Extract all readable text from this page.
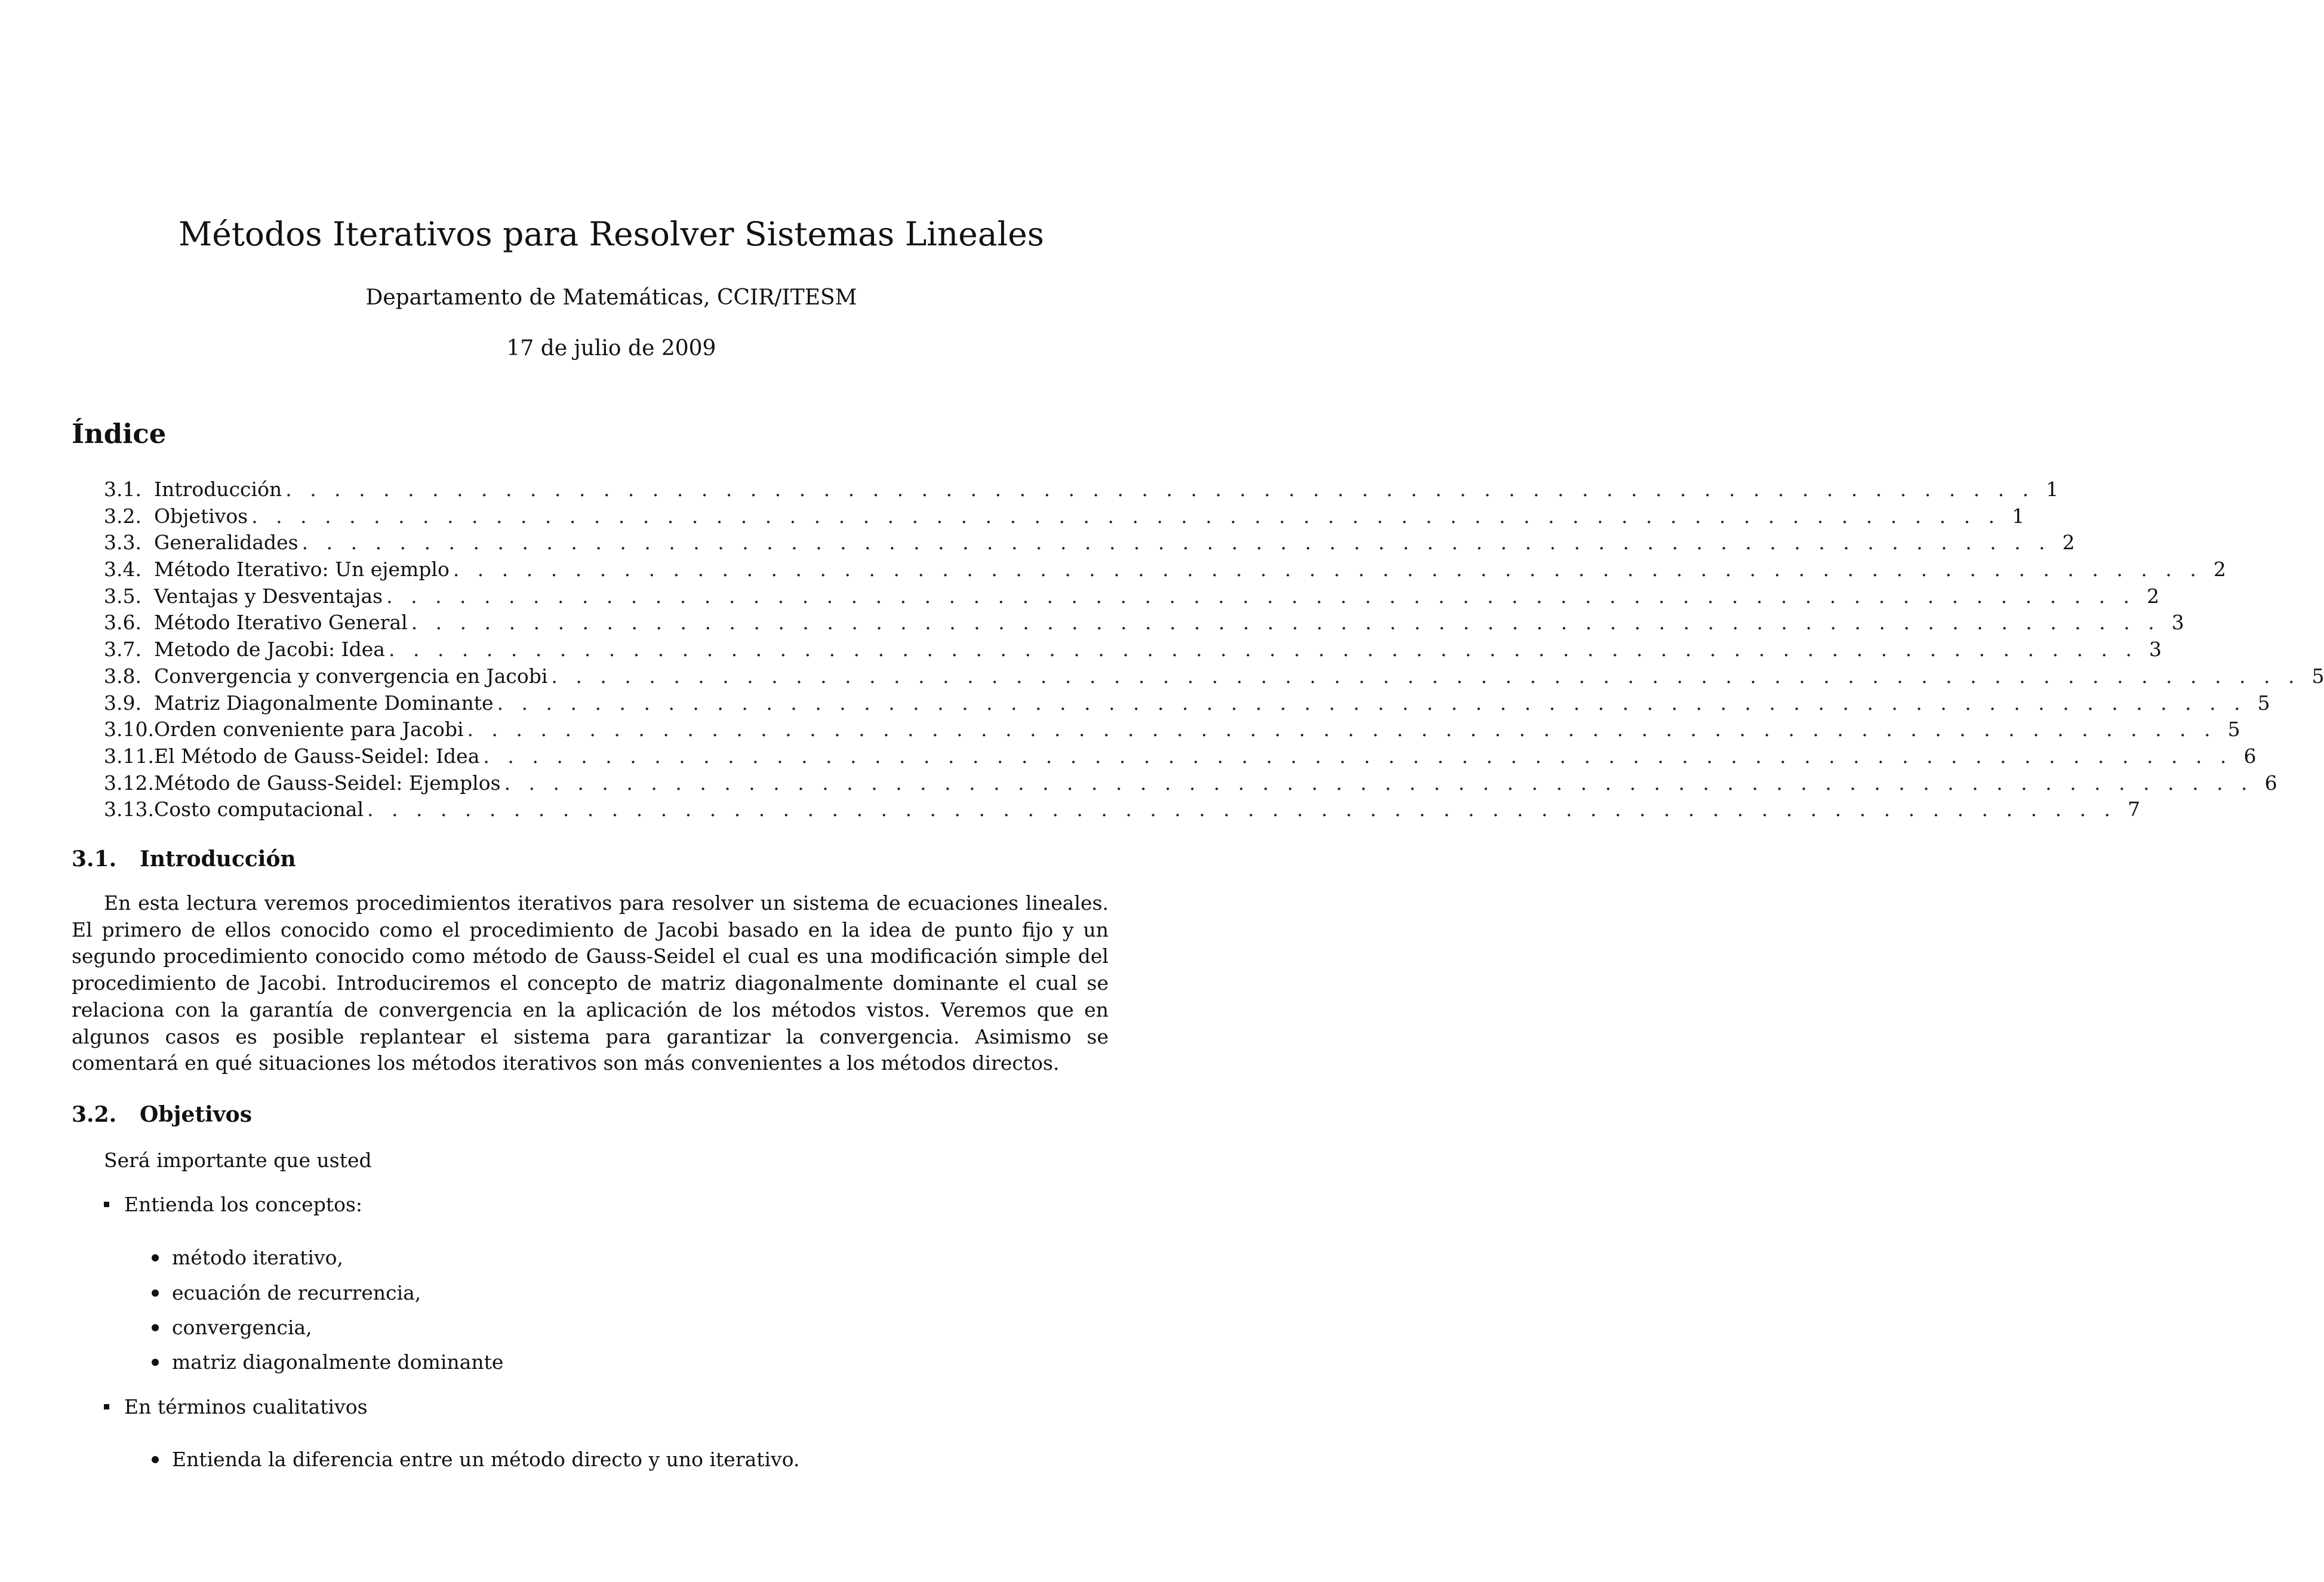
Métodos Iterativos para Resolver Sistemas Lineales
Departamento de Matemáticas, CCIR/ITESM
17 de julio de 2009
Índice
3.1. Introducción . . . . . . . . . . . . . . . . . . . . . . . . . . . . . . . . . . . . . . . . . . . . . . . . . . . . . . . . . . . . . . . . . . . . . . . . 1
3.2. Objetivos . . . . . . . . . . . . . . . . . . . . . . . . . . . . . . . . . . . . . . . . . . . . . . . . . . . . . . . . . . . . . . . . . . . . . . . . 1
3.3. Generalidades . . . . . . . . . . . . . . . . . . . . . . . . . . . . . . . . . . . . . . . . . . . . . . . . . . . . . . . . . . . . . . . . . . . . . . . . 2
3.4. Método Iterativo: Un ejemplo . . . . . . . . . . . . . . . . . . . . . . . . . . . . . . . . . . . . . . . . . . . . . . . . . . . . . . . . . . . . . . . . . . . . . . . . 2
3.5. Ventajas y Desventajas . . . . . . . . . . . . . . . . . . . . . . . . . . . . . . . . . . . . . . . . . . . . . . . . . . . . . . . . . . . . . . . . . . . . . . . . 2
3.6. Método Iterativo General . . . . . . . . . . . . . . . . . . . . . . . . . . . . . . . . . . . . . . . . . . . . . . . . . . . . . . . . . . . . . . . . . . . . . . . . 3
3.7. Metodo de Jacobi: Idea . . . . . . . . . . . . . . . . . . . . . . . . . . . . . . . . . . . . . . . . . . . . . . . . . . . . . . . . . . . . . . . . . . . . . . . . 3
3.8. Convergencia y convergencia en Jacobi . . . . . . . . . . . . . . . . . . . . . . . . . . . . . . . . . . . . . . . . . . . . . . . . . . . . . . . . . . . . . . . . . . . . . . . . 5
3.9. Matriz Diagonalmente Dominante . . . . . . . . . . . . . . . . . . . . . . . . . . . . . . . . . . . . . . . . . . . . . . . . . . . . . . . . . . . . . . . . . . . . . . . . 5
3.10. Orden conveniente para Jacobi . . . . . . . . . . . . . . . . . . . . . . . . . . . . . . . . . . . . . . . . . . . . . . . . . . . . . . . . . . . . . . . . . . . . . . . . 5
3.11. El Método de Gauss-Seidel: Idea . . . . . . . . . . . . . . . . . . . . . . . . . . . . . . . . . . . . . . . . . . . . . . . . . . . . . . . . . . . . . . . . . . . . . . . . 6
3.12. Método de Gauss-Seidel: Ejemplos . . . . . . . . . . . . . . . . . . . . . . . . . . . . . . . . . . . . . . . . . . . . . . . . . . . . . . . . . . . . . . . . . . . . . . . . 6
3.13. Costo computacional . . . . . . . . . . . . . . . . . . . . . . . . . . . . . . . . . . . . . . . . . . . . . . . . . . . . . . . . . . . . . . . . . . . . . . . . 7
3.1. Introducción

En esta lectura veremos procedimientos iterativos para resolver un sistema de ecuaciones lineales. El primero de ellos conocido como el procedimiento de Jacobi basado en la idea de punto fijo y un segundo procedimiento conocido como método de Gauss-Seidel el cual es una modificación simple del procedimiento de Jacobi. Introduciremos el concepto de matriz diagonalmente dominante el cual se relaciona con la garantía de convergencia en la aplicación de los métodos vistos. Veremos que en algunos casos es posible replantear el sistema para garantizar la convergencia. Asimismo se comentará en qué situaciones los métodos iterativos son más convenientes a los métodos directos.

3.2. Objetivos

Será importante que usted

Entienda los conceptos:
método iterativo,
ecuación de recurrencia,
convergencia,
matriz diagonalmente dominante
En términos cualitativos
Entienda la diferencia entre un método directo y uno iterativo.
